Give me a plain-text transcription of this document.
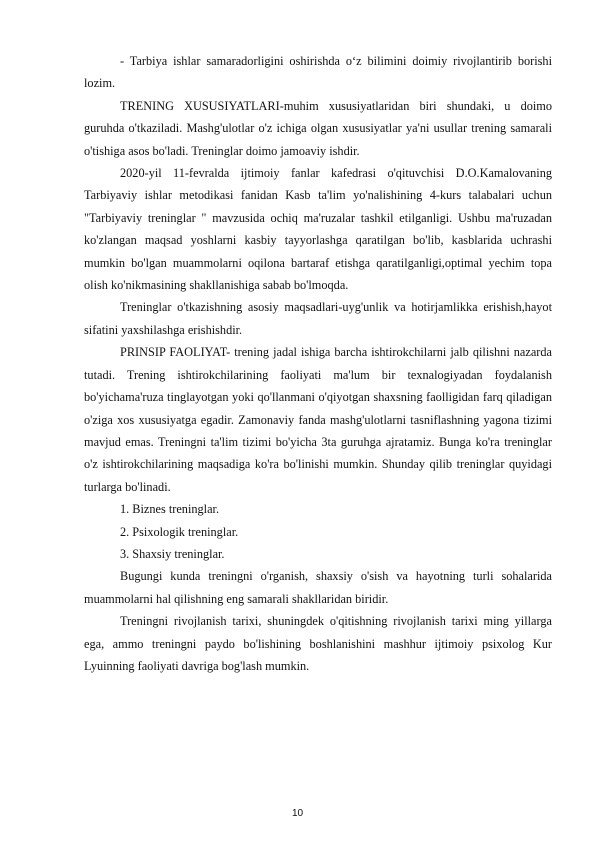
- Tarbiya ishlar samaradorligini oshirishda o‘z bilimini doimiy rivojlantirib borishi lozim.

TRENING XUSUSIYATLARI-muhim xususiyatlaridan biri shundaki, u doimo guruhda o'tkaziladi. Mashg'ulotlar o'z ichiga olgan xususiyatlar ya'ni usullar trening samarali o'tishiga asos bo'ladi. Treninglar doimo jamoaviy ishdir.

2020-yil 11-fevralda ijtimoiy fanlar kafedrasi o'qituvchisi D.O.Kamalovaning Tarbiyaviy ishlar metodikasi fanidan Kasb ta'lim yo'nalishining 4-kurs talabalari uchun "Tarbiyaviy treninglar " mavzusida ochiq ma'ruzalar tashkil etilganligi. Ushbu ma'ruzadan ko'zlangan maqsad yoshlarni kasbiy tayyorlashga qaratilgan bo'lib, kasblarida uchrashi mumkin bo'lgan muammolarni oqilona bartaraf etishga qaratilganligi,optimal yechim topa olish ko'nikmasining shakllanishiga sabab bo'lmoqda.

Treninglar o'tkazishning asosiy maqsadlari-uyg'unlik va hotirjamlikka erishish,hayot sifatini yaxshilashga erishishdir.

PRINSIP FAOLIYAT- trening jadal ishiga barcha ishtirokchilarni jalb qilishni nazarda tutadi. Trening ishtirokchilarining faoliyati ma'lum bir texnalogiyadan foydalanish bo'yichama'ruza tinglayotgan yoki qo'llanmani o'qiyotgan shaxsning faolligidan farq qiladigan o'ziga xos xususiyatga egadir. Zamonaviy fanda mashg'ulotlarni tasniflashning yagona tizimi mavjud emas. Treningni ta'lim tizimi bo'yicha 3ta guruhga ajratamiz. Bunga ko'ra treninglar o'z ishtirokchilarining maqsadiga ko'ra bo'linishi mumkin. Shunday qilib treninglar quyidagi turlarga bo'linadi.

1. Biznes treninglar.

2. Psixologik treninglar.

3. Shaxsiy treninglar.

Bugungi kunda treningni o'rganish, shaxsiy o'sish va hayotning turli sohalarida muammolarni hal qilishning eng samarali shakllaridan biridir.

Treningni rivojlanish tarixi, shuningdek o'qitishning rivojlanish tarixi ming yillarga ega, ammo treningni paydo bo'lishining boshlanishini mashhur ijtimoiy psixolog Kur Lyuinning faoliyati davriga bog'lash mumkin.

10
